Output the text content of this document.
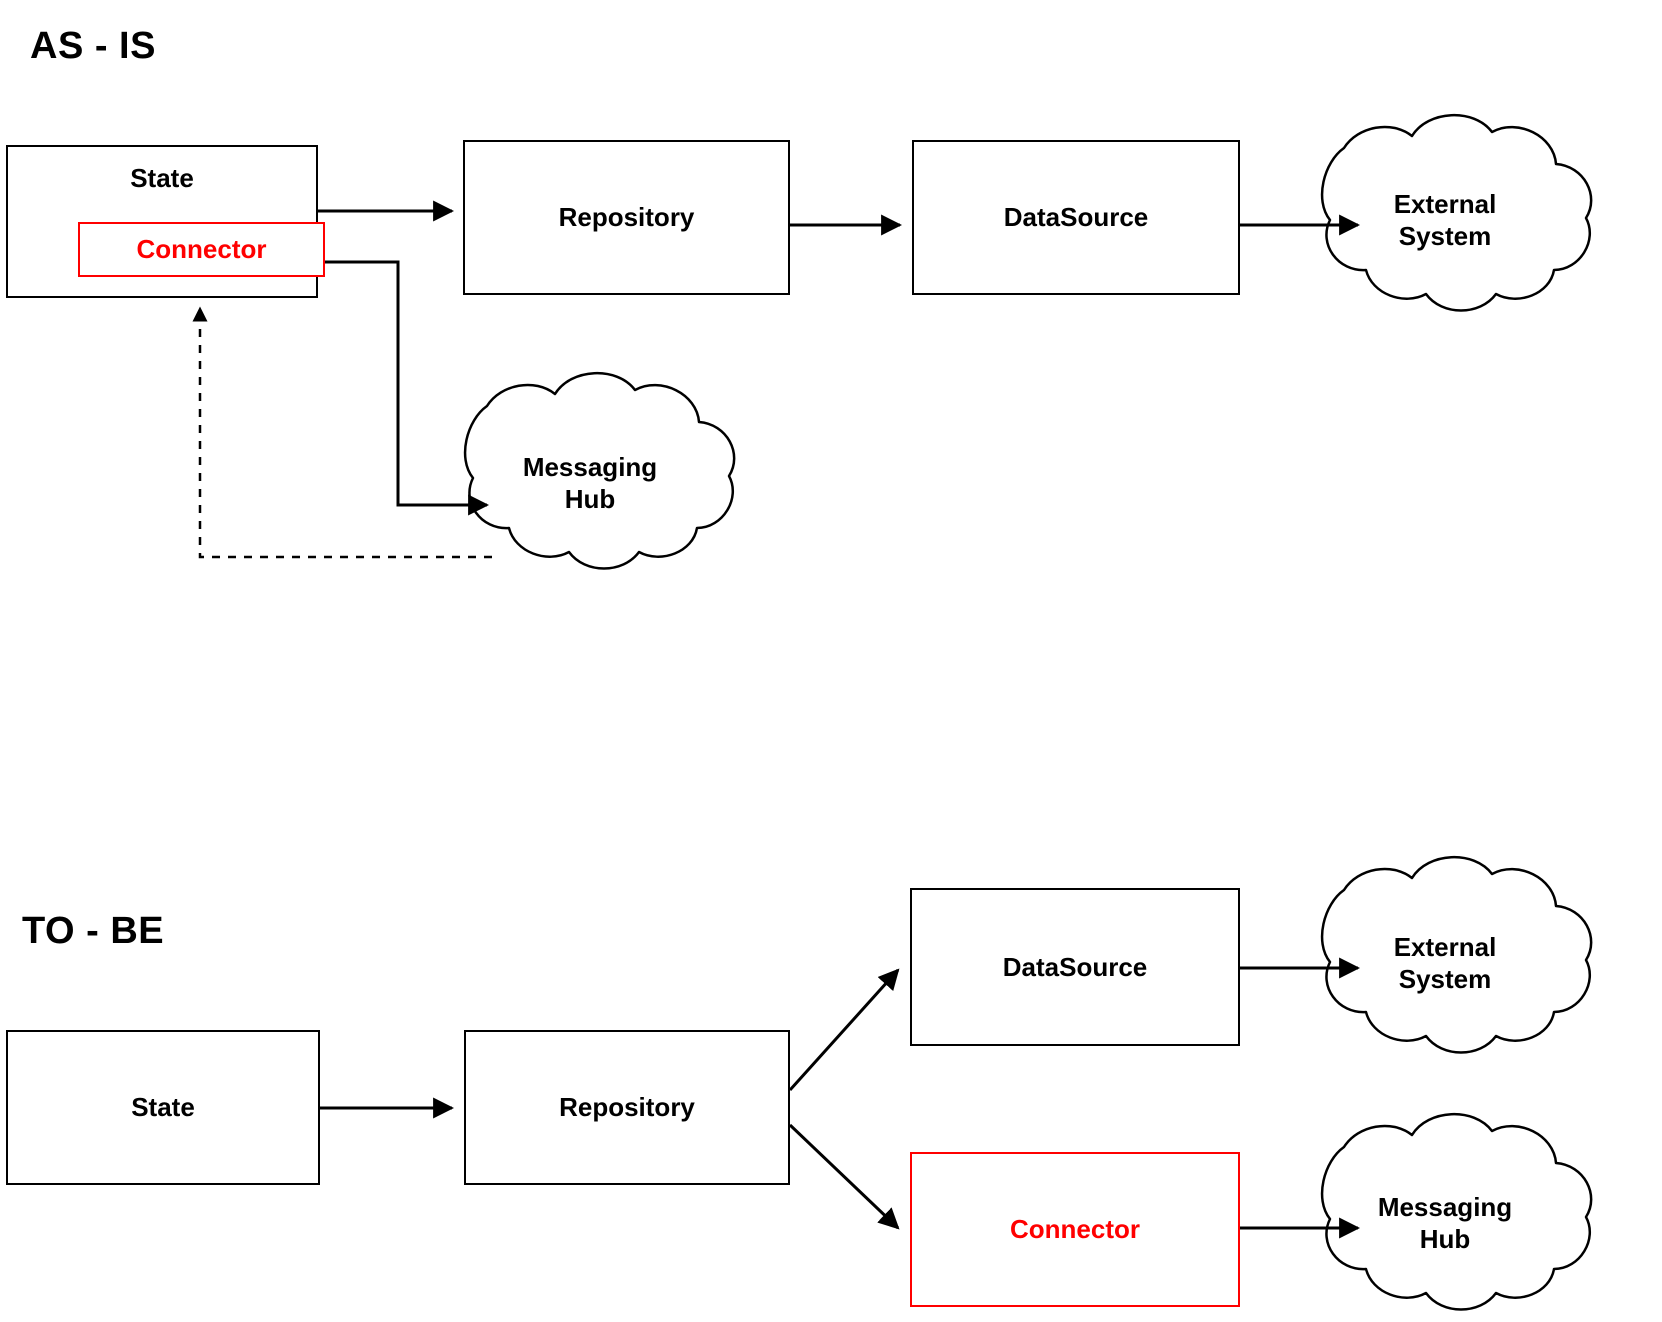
AS - IS
State
Connector
Repository	DataSource	External
System
Messaging
Hub
TO - BE
State	Repository
DataSource
Connector
External
System
Messaging
Hub
